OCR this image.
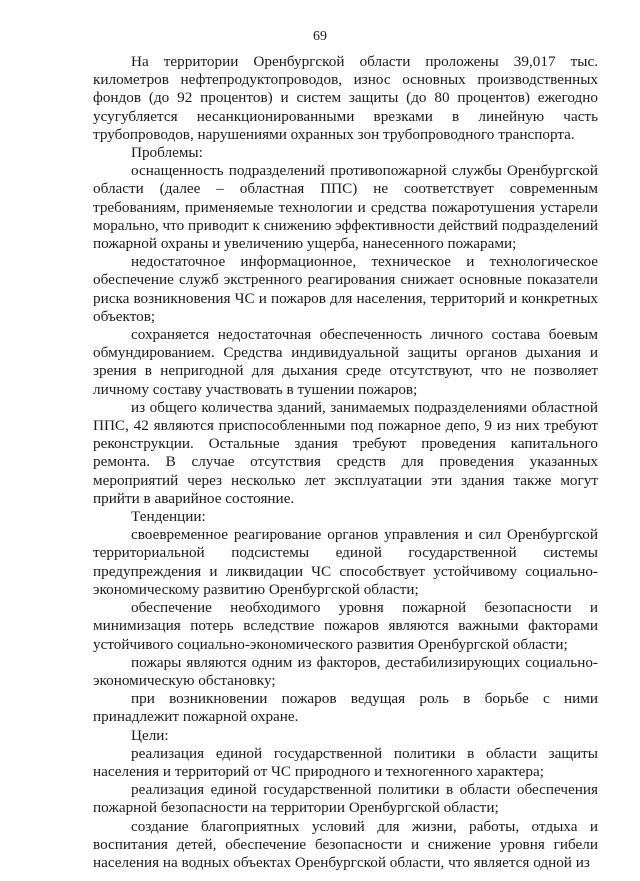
69

На территории Оренбургской области проложены 39,017 тыс. километров нефтепродуктопроводов, износ основных производственных фондов (до 92 процентов) и систем защиты (до 80 процентов) ежегодно усугубляется несанкционированными врезками в линейную часть трубопроводов, нарушениями охранных зон трубопроводного транспорта.

Проблемы:

оснащенность подразделений противопожарной службы Оренбургской области (далее – областная ППС) не соответствует современным требованиям, применяемые технологии и средства пожаротушения устарели морально, что приводит к снижению эффективности действий подразделений пожарной охраны и увеличению ущерба, нанесенного пожарами;

недостаточное информационное, техническое и технологическое обеспечение служб экстренного реагирования снижает основные показатели риска возникновения ЧС и пожаров для населения, территорий и конкретных объектов;

сохраняется недостаточная обеспеченность личного состава боевым обмундированием. Средства индивидуальной защиты органов дыхания и зрения в непригодной для дыхания среде отсутствуют, что не позволяет личному составу участвовать в тушении пожаров;

из общего количества зданий, занимаемых подразделениями областной ППС, 42 являются приспособленными под пожарное депо, 9 из них требуют реконструкции. Остальные здания требуют проведения капитального ремонта. В случае отсутствия средств для проведения указанных мероприятий через несколько лет эксплуатации эти здания также могут прийти в аварийное состояние.

Тенденции:

своевременное реагирование органов управления и сил Оренбургской территориальной подсистемы единой государственной системы предупреждения и ликвидации ЧС способствует устойчивому социально-экономическому развитию Оренбургской области;

обеспечение необходимого уровня пожарной безопасности и минимизация потерь вследствие пожаров являются важными факторами устойчивого социально-экономического развития Оренбургской области;

пожары являются одним из факторов, дестабилизирующих социально-экономическую обстановку;

при возникновении пожаров ведущая роль в борьбе с ними принадлежит пожарной охране.

Цели:

реализация единой государственной политики в области защиты населения и территорий от ЧС природного и техногенного характера;

реализация единой государственной политики в области обеспечения пожарной безопасности на территории Оренбургской области;

создание благоприятных условий для жизни, работы, отдыха и воспитания детей, обеспечение безопасности и снижение уровня гибели населения на водных объектах Оренбургской области, что является одной из
